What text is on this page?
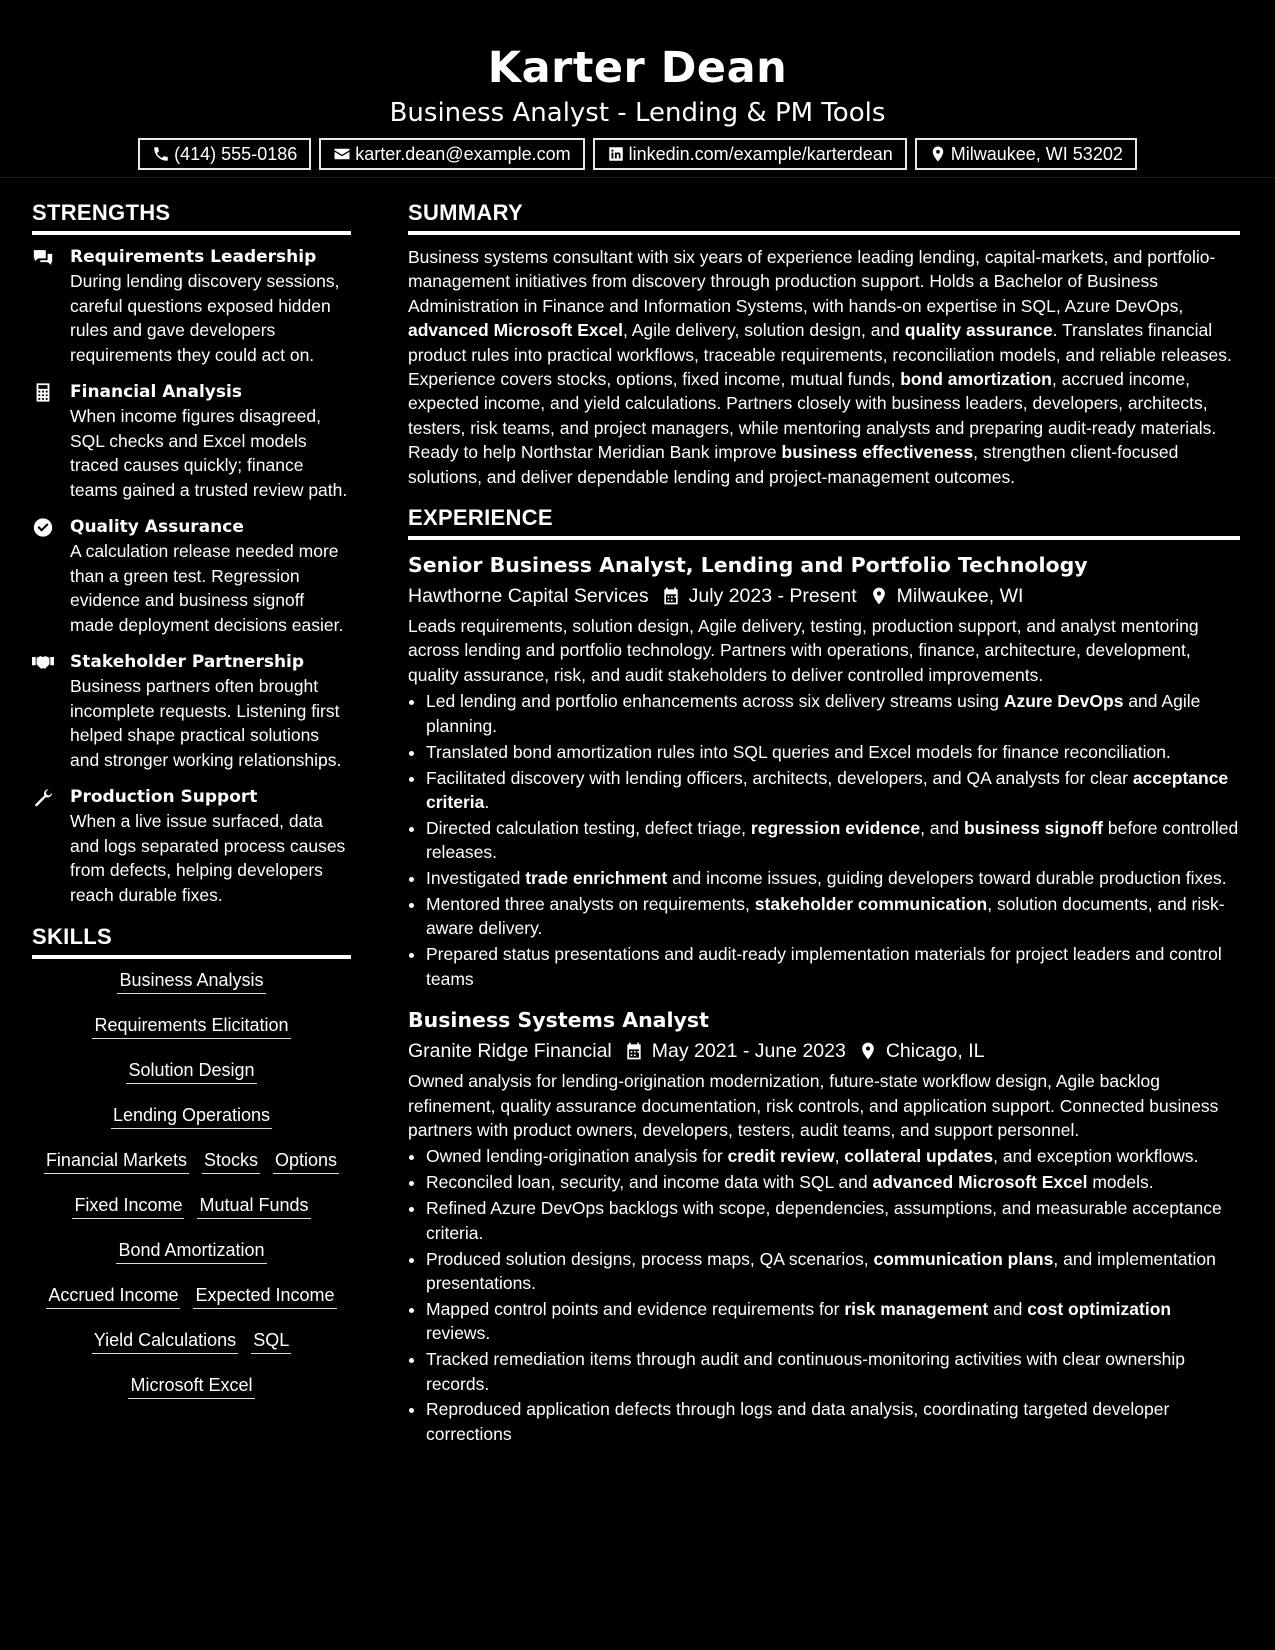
Karter Dean
Business Analyst - Lending & PM Tools
(414) 555-0186	karter.dean@example.com	linkedin.com/example/karterdean	Milwaukee, WI 53202
STRENGTHS
Requirements Leadership
During lending discovery sessions, careful questions exposed hidden rules and gave developers requirements they could act on.
Financial Analysis
When income figures disagreed, SQL checks and Excel models traced causes quickly; finance teams gained a trusted review path.
Quality Assurance
A calculation release needed more than a green test. Regression evidence and business signoff made deployment decisions easier.
Stakeholder Partnership
Business partners often brought incomplete requests. Listening first helped shape practical solutions and stronger working relationships.
Production Support
When a live issue surfaced, data and logs separated process causes from defects, helping developers reach durable fixes.
SKILLS
Business Analysis
Requirements Elicitation
Solution Design
Lending Operations
Financial Markets Stocks Options
Fixed Income Mutual Funds
Bond Amortization
Accrued Income Expected Income
Yield Calculations SQL
Microsoft Excel
SUMMARY
Business systems consultant with six years of experience leading lending, capital-markets, and portfolio-management initiatives from discovery through production support. Holds a Bachelor of Business Administration in Finance and Information Systems, with hands-on expertise in SQL, Azure DevOps, advanced Microsoft Excel, Agile delivery, solution design, and quality assurance. Translates financial product rules into practical workflows, traceable requirements, reconciliation models, and reliable releases. Experience covers stocks, options, fixed income, mutual funds, bond amortization, accrued income, expected income, and yield calculations. Partners closely with business leaders, developers, architects, testers, risk teams, and project managers, while mentoring analysts and preparing audit-ready materials. Ready to help Northstar Meridian Bank improve business effectiveness, strengthen client-focused solutions, and deliver dependable lending and project-management outcomes.
EXPERIENCE
Senior Business Analyst, Lending and Portfolio Technology
Hawthorne Capital Services July 2023 - Present Milwaukee, WI
Leads requirements, solution design, Agile delivery, testing, production support, and analyst mentoring across lending and portfolio technology. Partners with operations, finance, architecture, development, quality assurance, risk, and audit stakeholders to deliver controlled improvements.
• Led lending and portfolio enhancements across six delivery streams using Azure DevOps and Agile planning.
• Translated bond amortization rules into SQL queries and Excel models for finance reconciliation.
• Facilitated discovery with lending officers, architects, developers, and QA analysts for clear acceptance criteria.
• Directed calculation testing, defect triage, regression evidence, and business signoff before controlled releases.
• Investigated trade enrichment and income issues, guiding developers toward durable production fixes.
• Mentored three analysts on requirements, stakeholder communication, solution documents, and risk-aware delivery.
• Prepared status presentations and audit-ready implementation materials for project leaders and control teams
Business Systems Analyst
Granite Ridge Financial May 2021 - June 2023 Chicago, IL
Owned analysis for lending-origination modernization, future-state workflow design, Agile backlog refinement, quality assurance documentation, risk controls, and application support. Connected business partners with product owners, developers, testers, audit teams, and support personnel.
• Owned lending-origination analysis for credit review, collateral updates, and exception workflows.
• Reconciled loan, security, and income data with SQL and advanced Microsoft Excel models.
• Refined Azure DevOps backlogs with scope, dependencies, assumptions, and measurable acceptance criteria.
• Produced solution designs, process maps, QA scenarios, communication plans, and implementation presentations.
• Mapped control points and evidence requirements for risk management and cost optimization reviews.
• Tracked remediation items through audit and continuous-monitoring activities with clear ownership records.
• Reproduced application defects through logs and data analysis, coordinating targeted developer corrections
